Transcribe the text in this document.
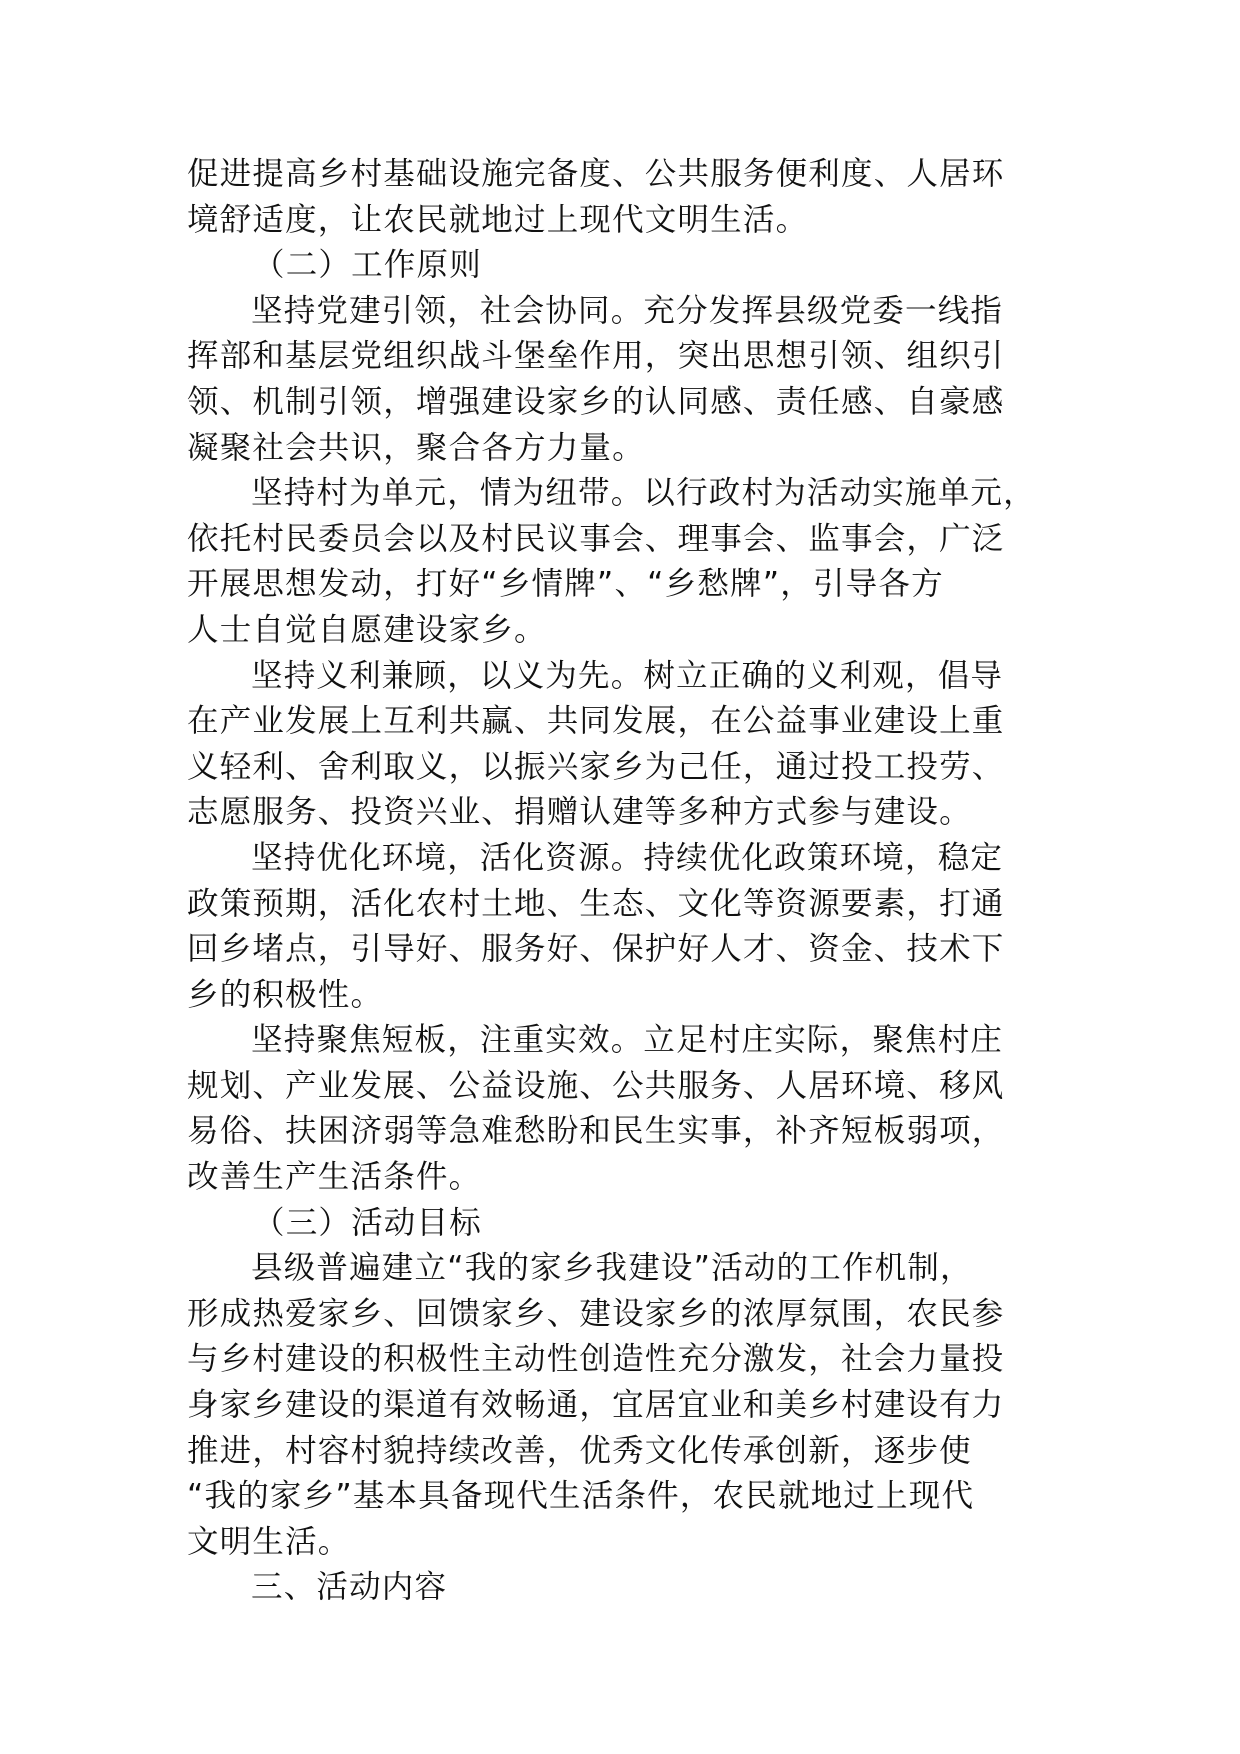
促进提高乡村基础设施完备度、公共服务便利度、人居环
境舒适度，让农民就地过上现代文明生活。
（二）工作原则
坚持党建引领，社会协同。充分发挥县级党委一线指
挥部和基层党组织战斗堡垒作用，突出思想引领、组织引
领、机制引领，增强建设家乡的认同感、责任感、自豪感
凝聚社会共识，聚合各方力量。
坚持村为单元，情为纽带。以行政村为活动实施单元，
依托村民委员会以及村民议事会、理事会、监事会，广泛
开展思想发动，打好“乡情牌”、“乡愁牌”，引导各方
人士自觉自愿建设家乡。
坚持义利兼顾，以义为先。树立正确的义利观，倡导
在产业发展上互利共赢、共同发展，在公益事业建设上重
义轻利、舍利取义，以振兴家乡为己任，通过投工投劳、
志愿服务、投资兴业、捐赠认建等多种方式参与建设。
坚持优化环境，活化资源。持续优化政策环境，稳定
政策预期，活化农村土地、生态、文化等资源要素，打通
回乡堵点，引导好、服务好、保护好人才、资金、技术下
乡的积极性。
坚持聚焦短板，注重实效。立足村庄实际，聚焦村庄
规划、产业发展、公益设施、公共服务、人居环境、移风
易俗、扶困济弱等急难愁盼和民生实事，补齐短板弱项，
改善生产生活条件。
（三）活动目标
县级普遍建立“我的家乡我建设”活动的工作机制，
形成热爱家乡、回馈家乡、建设家乡的浓厚氛围，农民参
与乡村建设的积极性主动性创造性充分激发，社会力量投
身家乡建设的渠道有效畅通，宜居宜业和美乡村建设有力
推进，村容村貌持续改善，优秀文化传承创新，逐步使
“我的家乡”基本具备现代生活条件，农民就地过上现代
文明生活。
三、活动内容
